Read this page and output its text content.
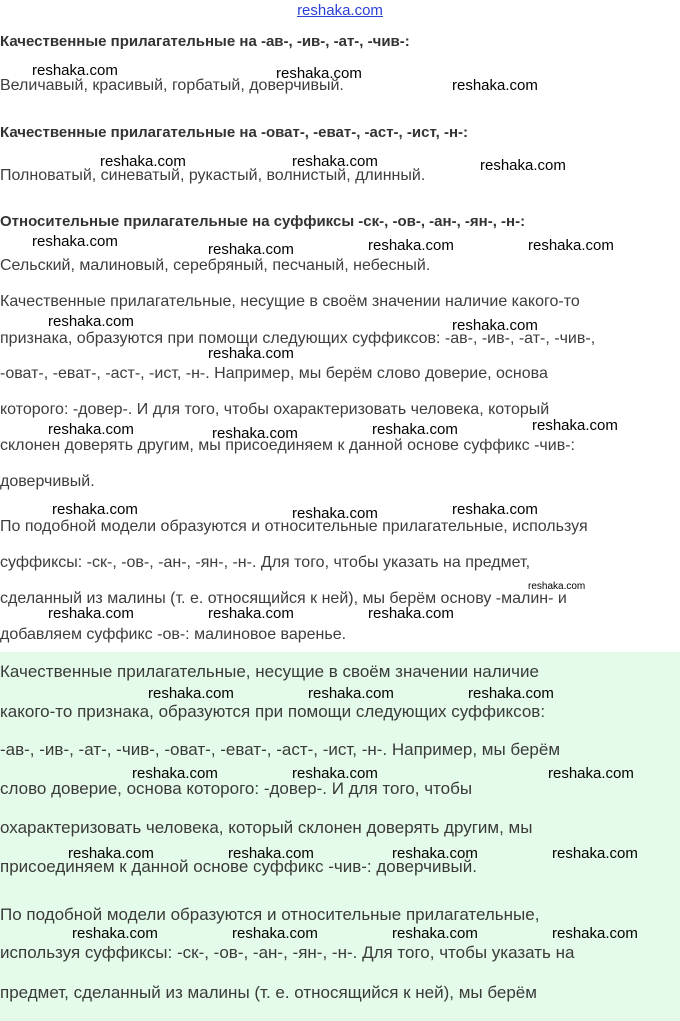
reshaka.com
Качественные прилагательные на -ав-, -ив-, -ат-, -чив-:
Величавый, красивый, горбатый, доверчивый.
Качественные прилагательные на -оват-, -еват-, -аст-, -ист, -н-:
Полноватый, синеватый, рукастый, волнистый, длинный.
Относительные прилагательные на суффиксы -ск-, -ов-, -ан-, -ян-, -н-:
Сельский, малиновый, серебряный, песчаный, небесный.
Качественные прилагательные, несущие в своём значении наличие какого-то
признака, образуются при помощи следующих суффиксов: -ав-, -ив-, -ат-, -чив-,
-оват-, -еват-, -аст-, -ист, -н-. Например, мы берём слово доверие, основа
которого: -довер-. И для того, чтобы охарактеризовать человека, который
склонен доверять другим, мы присоединяем к данной основе суффикс -чив-:
доверчивый.
По подобной модели образуются и относительные прилагательные, используя
суффиксы: -ск-, -ов-, -ан-, -ян-, -н-. Для того, чтобы указать на предмет,
сделанный из малины (т. е. относящийся к ней), мы берём основу -малин- и
добавляем суффикс -ов-: малиновое варенье.
Качественные прилагательные, несущие в своём значении наличие
какого-то признака, образуются при помощи следующих суффиксов:
-ав-, -ив-, -ат-, -чив-, -оват-, -еват-, -аст-, -ист, -н-. Например, мы берём
слово доверие, основа которого: -довер-. И для того, чтобы
охарактеризовать человека, который склонен доверять другим, мы
присоединяем к данной основе суффикс -чив-: доверчивый.
По подобной модели образуются и относительные прилагательные,
используя суффиксы: -ск-, -ов-, -ан-, -ян-, -н-. Для того, чтобы указать на
предмет, сделанный из малины (т. е. относящийся к ней), мы берём
reshaka.com	reshaka.com
reshaka.com
reshaka.com	reshaka.com	reshaka.com
reshaka.com	reshaka.com	reshaka.com	reshaka.com
reshaka.com	reshaka.com
reshaka.com
reshaka.com	reshaka.com	reshaka.com	reshaka.com
reshaka.com	reshaka.com	reshaka.com
reshaka.com
reshaka.com	reshaka.com	reshaka.com
reshaka.com	reshaka.com	reshaka.com
reshaka.com	reshaka.com	reshaka.com
reshaka.com	reshaka.com	reshaka.com	reshaka.com
reshaka.com	reshaka.com	reshaka.com	reshaka.com
